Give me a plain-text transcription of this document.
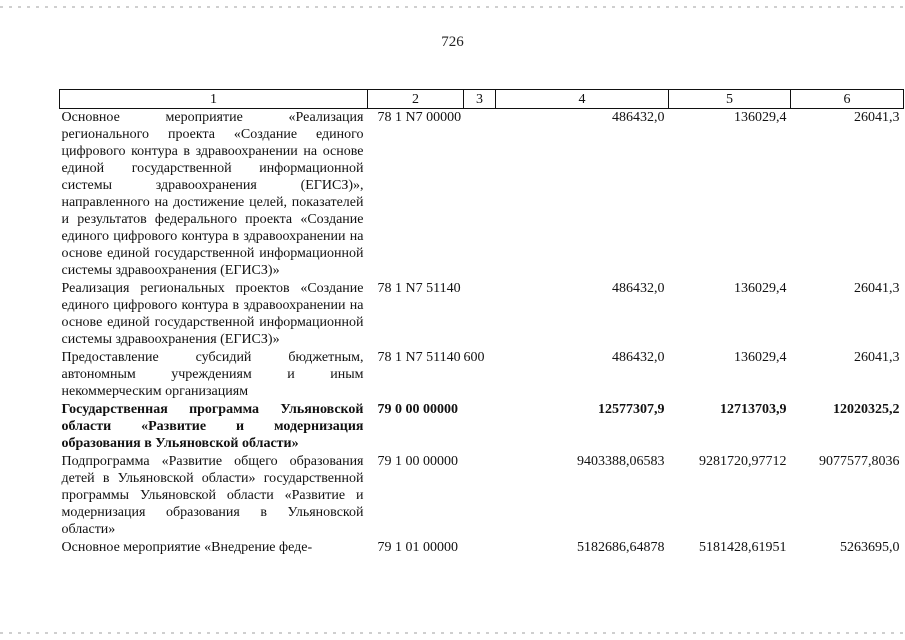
726
1	2	3	4	5	6
Основное мероприятие «Реализация регионального проекта «Создание единого цифрового контура в здравоохранении на основе единой государственной информационной системы здравоохранения (ЕГИСЗ)», направленного на достижение целей, показателей и результатов федерального проекта «Создание единого цифрового контура в здравоохранении на основе единой государственной информационной системы здравоохранения (ЕГИСЗ)»	78 1 N7 00000		486432,0	136029,4	26041,3
Реализация региональных проектов «Создание единого цифрового контура в здравоохранении на основе единой государственной информационной системы здравоохранения (ЕГИСЗ)»	78 1 N7 51140		486432,0	136029,4	26041,3
Предоставление субсидий бюджетным, автономным учреждениям и иным некоммерческим организациям	78 1 N7 51140	600	486432,0	136029,4	26041,3
Государственная программа Ульяновской области «Развитие и модернизация образования в Ульяновской области»	79 0 00 00000		12577307,9	12713703,9	12020325,2
Подпрограмма «Развитие общего образования детей в Ульяновской области» государственной программы Ульяновской области «Развитие и модернизация образования в Ульяновской области»	79 1 00 00000		9403388,06583	9281720,97712	9077577,8036
Основное мероприятие «Внедрение феде-	79 1 01 00000		5182686,64878	5181428,61951	5263695,0
